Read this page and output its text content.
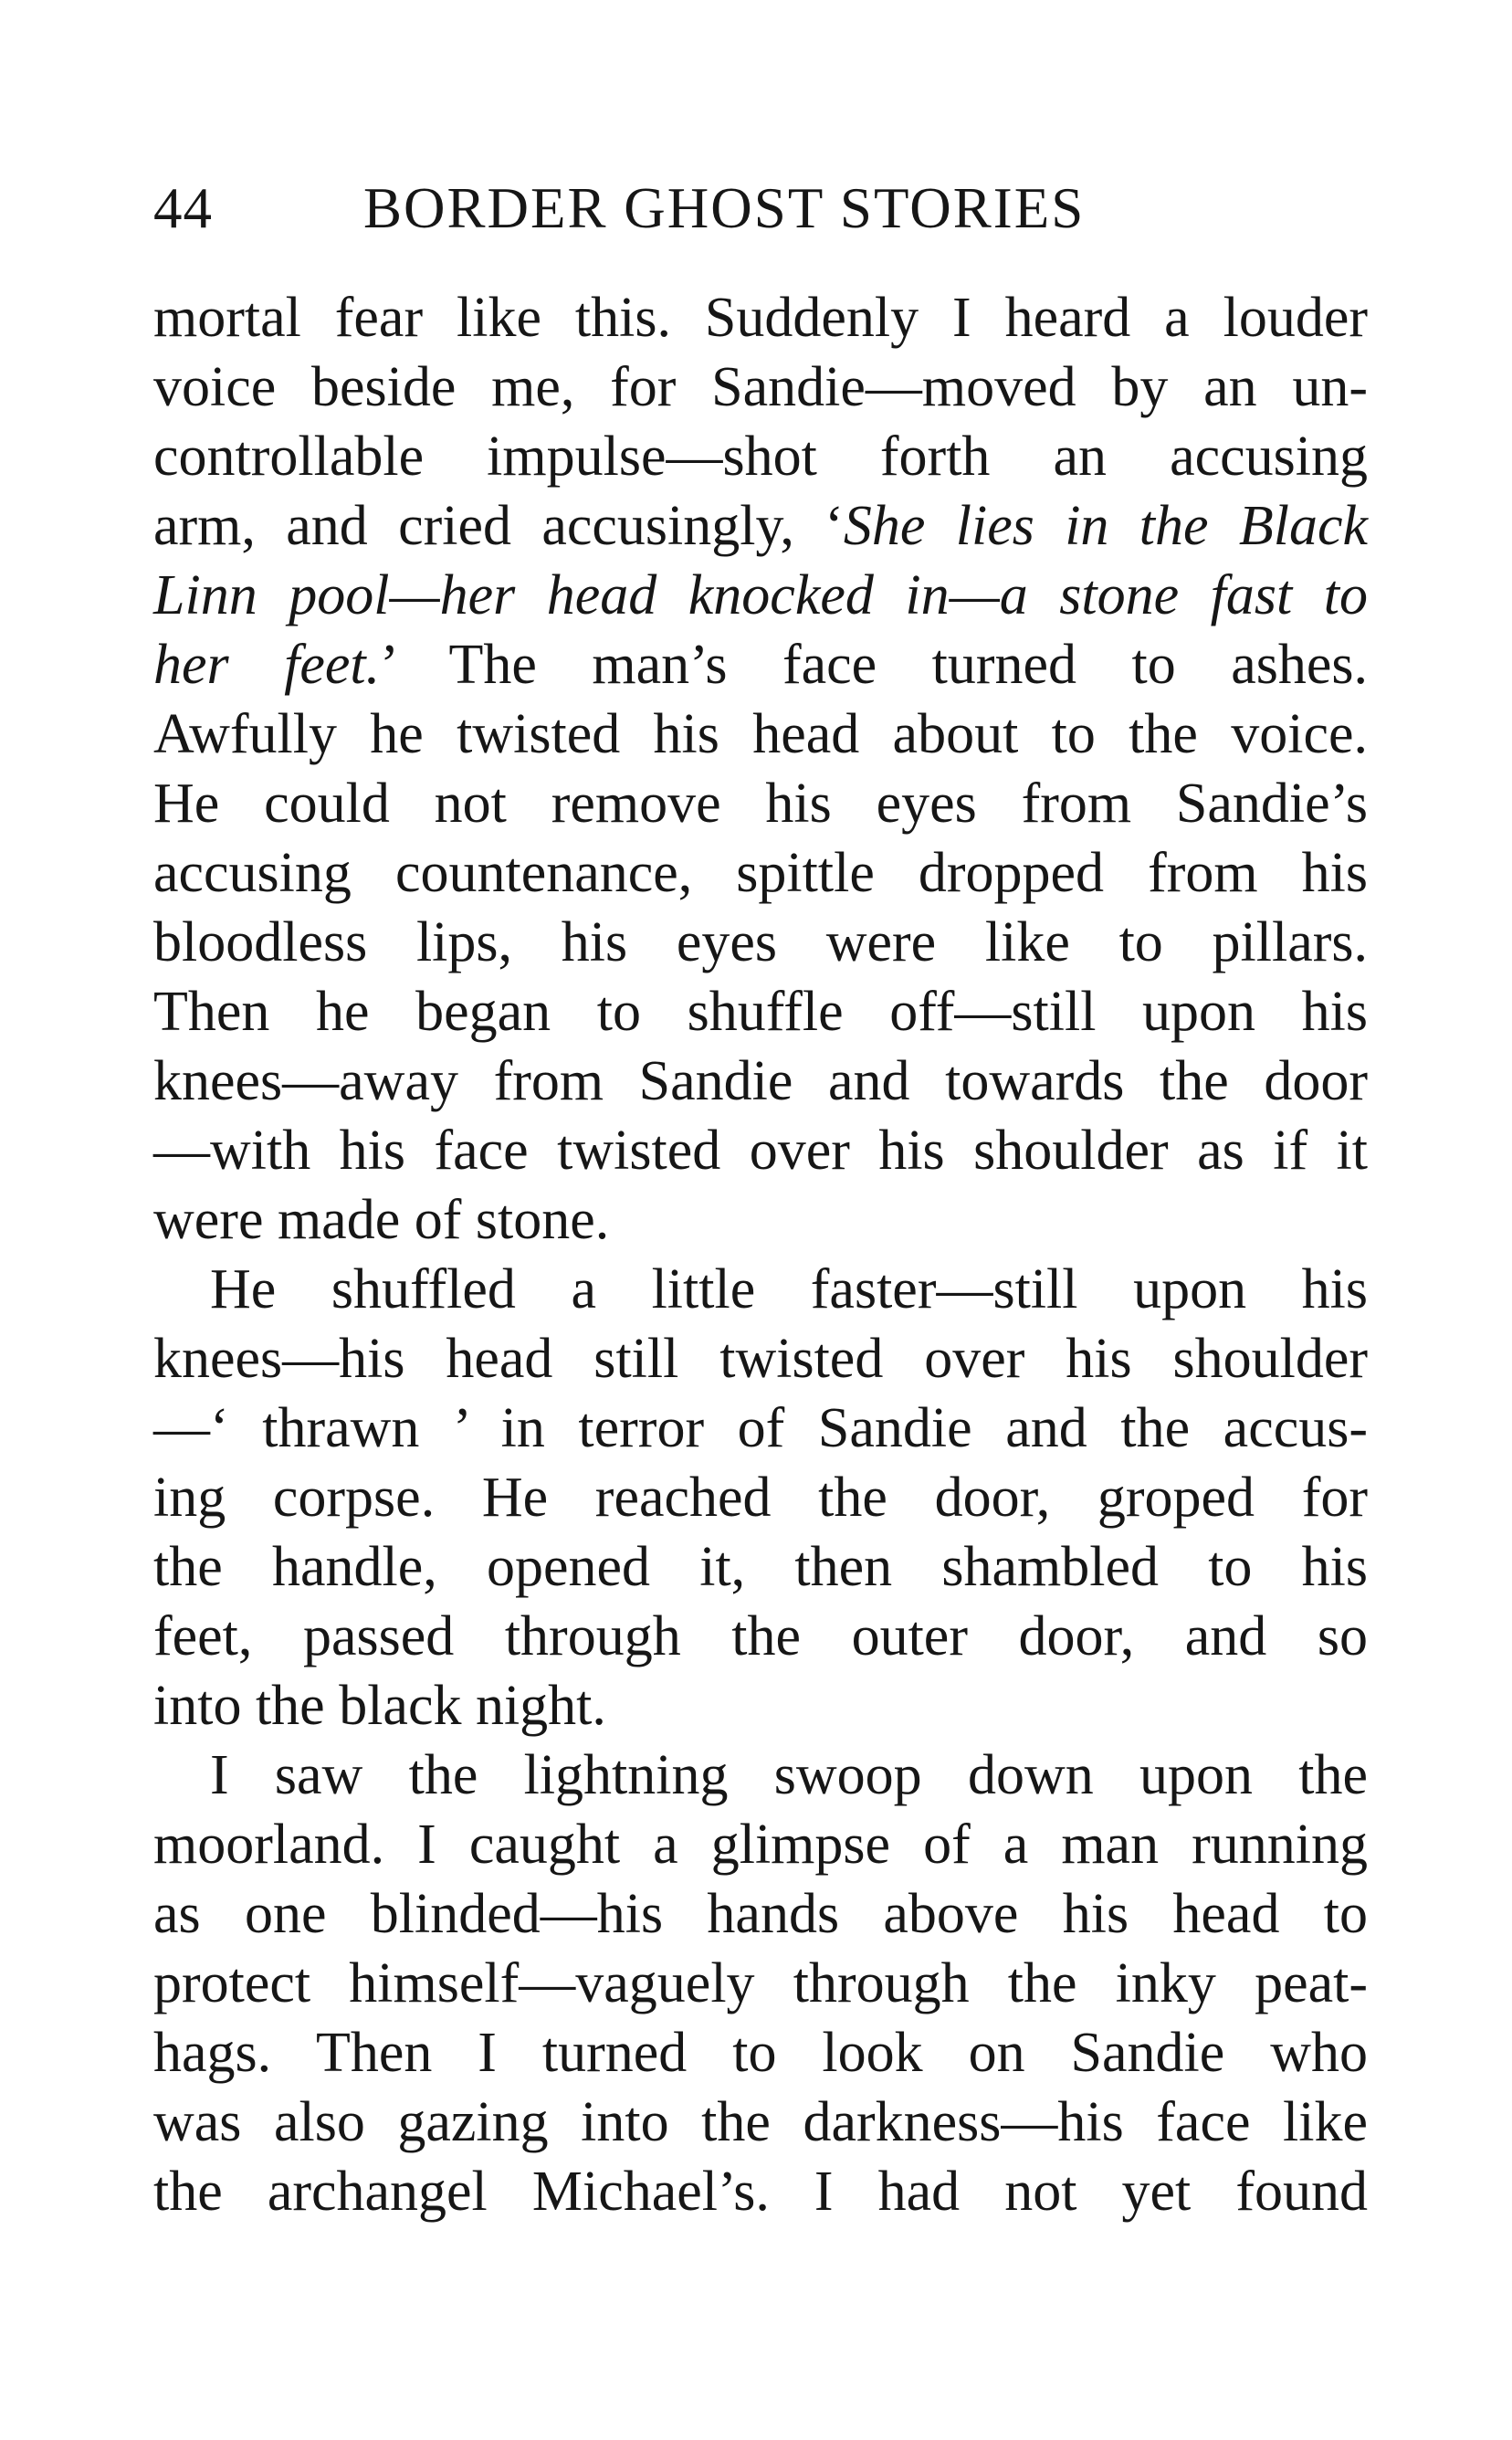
44	BORDER GHOST STORIES
mortal fear like this. Suddenly I heard a louder
voice beside me, for Sandie—moved by an un-
controllable impulse—shot forth an accusing
arm, and cried accusingly, ‘She lies in the Black
Linn pool—her head knocked in—a stone fast to
her feet.’ The man’s face turned to ashes.
Awfully he twisted his head about to the voice.
He could not remove his eyes from Sandie’s
accusing countenance, spittle dropped from his
bloodless lips, his eyes were like to pillars.
Then he began to shuffle off—still upon his
knees—away from Sandie and towards the door
—with his face twisted over his shoulder as if it
were made of stone.
He shuffled a little faster—still upon his
knees—his head still twisted over his shoulder
—‘ thrawn ’ in terror of Sandie and the accus-
ing corpse. He reached the door, groped for
the handle, opened it, then shambled to his
feet, passed through the outer door, and so
into the black night.
I saw the lightning swoop down upon the
moorland. I caught a glimpse of a man running
as one blinded—his hands above his head to
protect himself—vaguely through the inky peat-
hags. Then I turned to look on Sandie who
was also gazing into the darkness—his face like
the archangel Michael’s. I had not yet found
